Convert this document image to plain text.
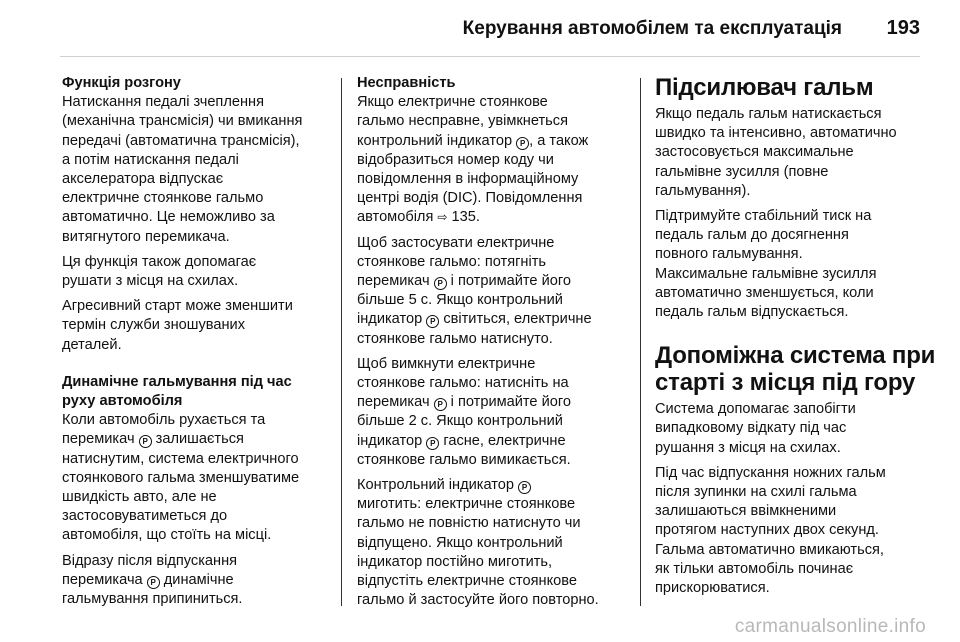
Керування автомобілем та експлуатація 193

Функція розгону

Натискання педалі зчеплення
(механічна трансмісія) чи вмикання
передачі (автоматична трансмісія),
а потім натискання педалі
акселератора відпускає
електричне стоянкове гальмо
автоматично. Це неможливо за
витягнутого перемикача.

Ця функція також допомагає
рушати з місця на схилах.

Агресивний старт може зменшити
термін служби зношуваних
деталей.

Динамічне гальмування під час
руху автомобіля

Коли автомобіль рухається та
перемикач P залишається
натиснутим, система електричного
стоянкового гальма зменшуватиме
швидкість авто, але не
застосовуватиметься до
автомобіля, що стоїть на місці.

Відразу після відпускання
перемикача P динамічне
гальмування припиниться.

Несправність

Якщо електричне стоянкове
гальмо несправне, увімкнеться
контрольний індикатор P , а також
відобразиться номер коду чи
повідомлення в інформаційному
центрі водія (DIC). Повідомлення
автомобіля ⇨ 135.

Щоб застосувати електричне
стоянкове гальмо: потягніть
перемикач P і потримайте його
більше 5 с. Якщо контрольний
індикатор P світиться, електричне
стоянкове гальмо натиснуто.

Щоб вимкнути електричне
стоянкове гальмо: натисніть на
перемикач P і потримайте його
більше 2 с. Якщо контрольний
індикатор P гасне, електричне
стоянкове гальмо вимикається.

Контрольний індикатор P
миготить: електричне стоянкове
гальмо не повністю натиснуто чи
відпущено. Якщо контрольний
індикатор постійно миготить,
відпустіть електричне стоянкове
гальмо й застосуйте його повторно.

Підсилювач гальм

Якщо педаль гальм натискається
швидко та інтенсивно, автоматично
застосовується максимальне
гальмівне зусилля (повне
гальмування).

Підтримуйте стабільний тиск на
педаль гальм до досягнення
повного гальмування.
Максимальне гальмівне зусилля
автоматично зменшується, коли
педаль гальм відпускається.

Допоміжна система при
старті з місця під гору

Система допомагає запобігти
випадковому відкату під час
рушання з місця на схилах.

Під час відпускання ножних гальм
після зупинки на схилі гальма
залишаються ввімкненими
протягом наступних двох секунд.
Гальма автоматично вмикаються,
як тільки автомобіль починає
прискорюватися.

carmanualsonline.info
